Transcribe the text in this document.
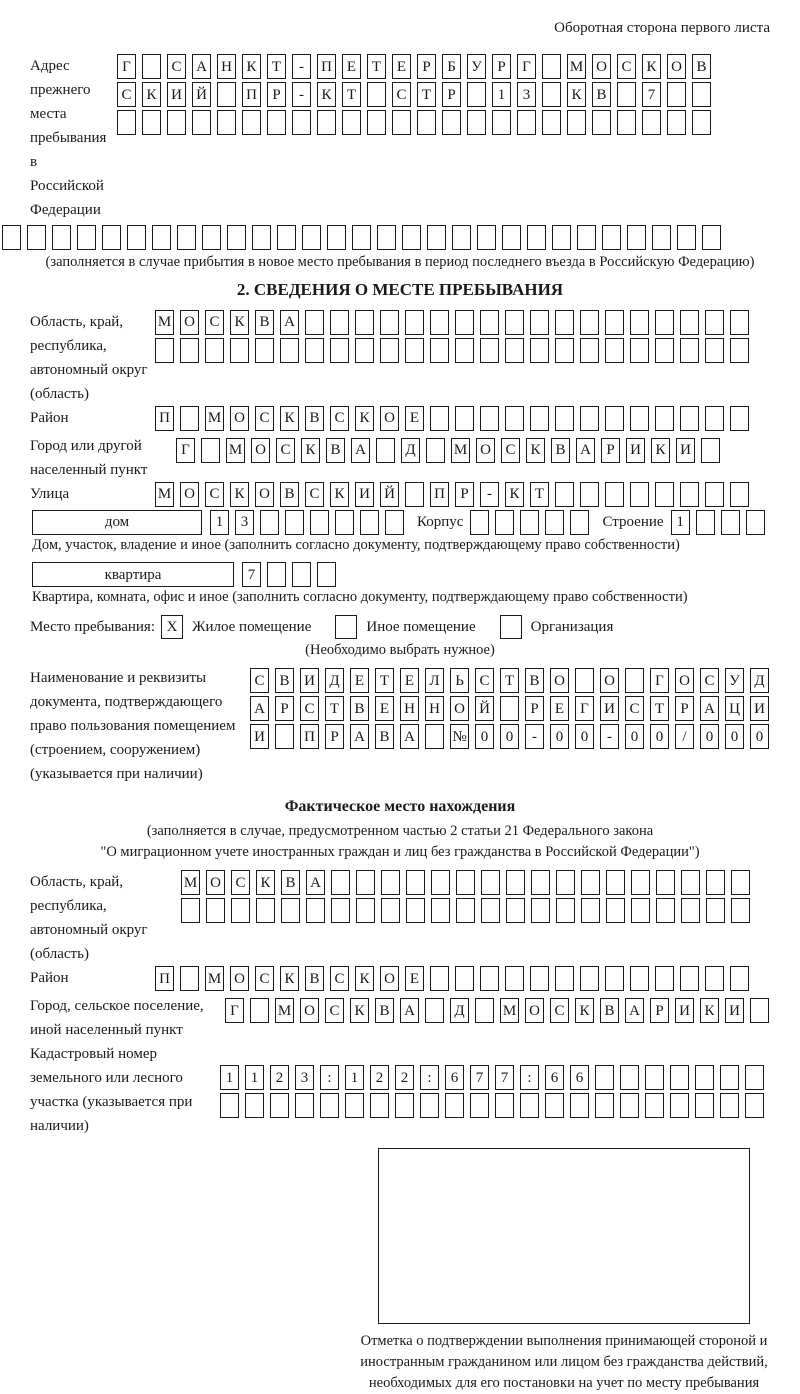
Оборотная сторона первого листа
Адрес прежнего места пребывания в Российской Федерации
Г	С А Н К	Т	-	П Е	Т	Е	Р	Б	У	Р	Г	М О С К О В
С К И Й	П	Р	-	К	Т	С	Т	Р	1	3	К В	7
(заполняется в случае прибытия в новое место пребывания в период последнего въезда в Российскую Федерацию)
2. СВЕДЕНИЯ О МЕСТЕ ПРЕБЫВАНИЯ
Область, край, республика, автономный округ (область)
М О С К В А
Район	П	М О С К В С К О Е
Город или другой населенный пункт
Г	М О С К В А	Д	М О С К В А	Р	И К И
Улица	М О С К О В С К И Й	П	Р	-	К	Т
дом	1	3	Корпус	Строение 1
Дом, участок, владение и иное (заполнить согласно документу, подтверждающему право собственности)
квартира	7
Квартира, комната, офис и иное (заполнить согласно документу, подтверждающему право собственности)
Место пребывания: X Жилое помещение	Иное помещение	Организация
(Необходимо выбрать нужное)
Наименование и реквизиты документа, подтверждающего право пользования помещением (строением, сооружением) (указывается при наличии)
С В И Д	Е	Т	Е	Л	Ь	С	Т	В О	О	Г	О С У Д
А	Р	С	Т	В	Е	Н Н О Й	Р	Е	Г	И С	Т	Р	А Ц И
И	П	Р	А В А № 0	0	-	0	0	-	0	0	/	0	0	0
Фактическое место нахождения
(заполняется в случае, предусмотренном частью 2 статьи 21 Федерального закона
"О миграционном учете иностранных граждан и лиц без гражданства в Российской Федерации")
Область, край, республика, автономный округ (область)
М О С К В А
Район	П	М О С К В С К О Е
Город, сельское поселение, иной населенный пункт
Г	М О С К В А	Д	М О С К В А	Р	И К И
Кадастровый номер земельного или лесного участка (указывается при наличии)
1	1	2	3	:	1	2	2	:	6	7	7	:	6	6
Отметка о подтверждении выполнения принимающей стороной и иностранным гражданином или лицом без гражданства действий, необходимых для его постановки на учет по месту пребывания
